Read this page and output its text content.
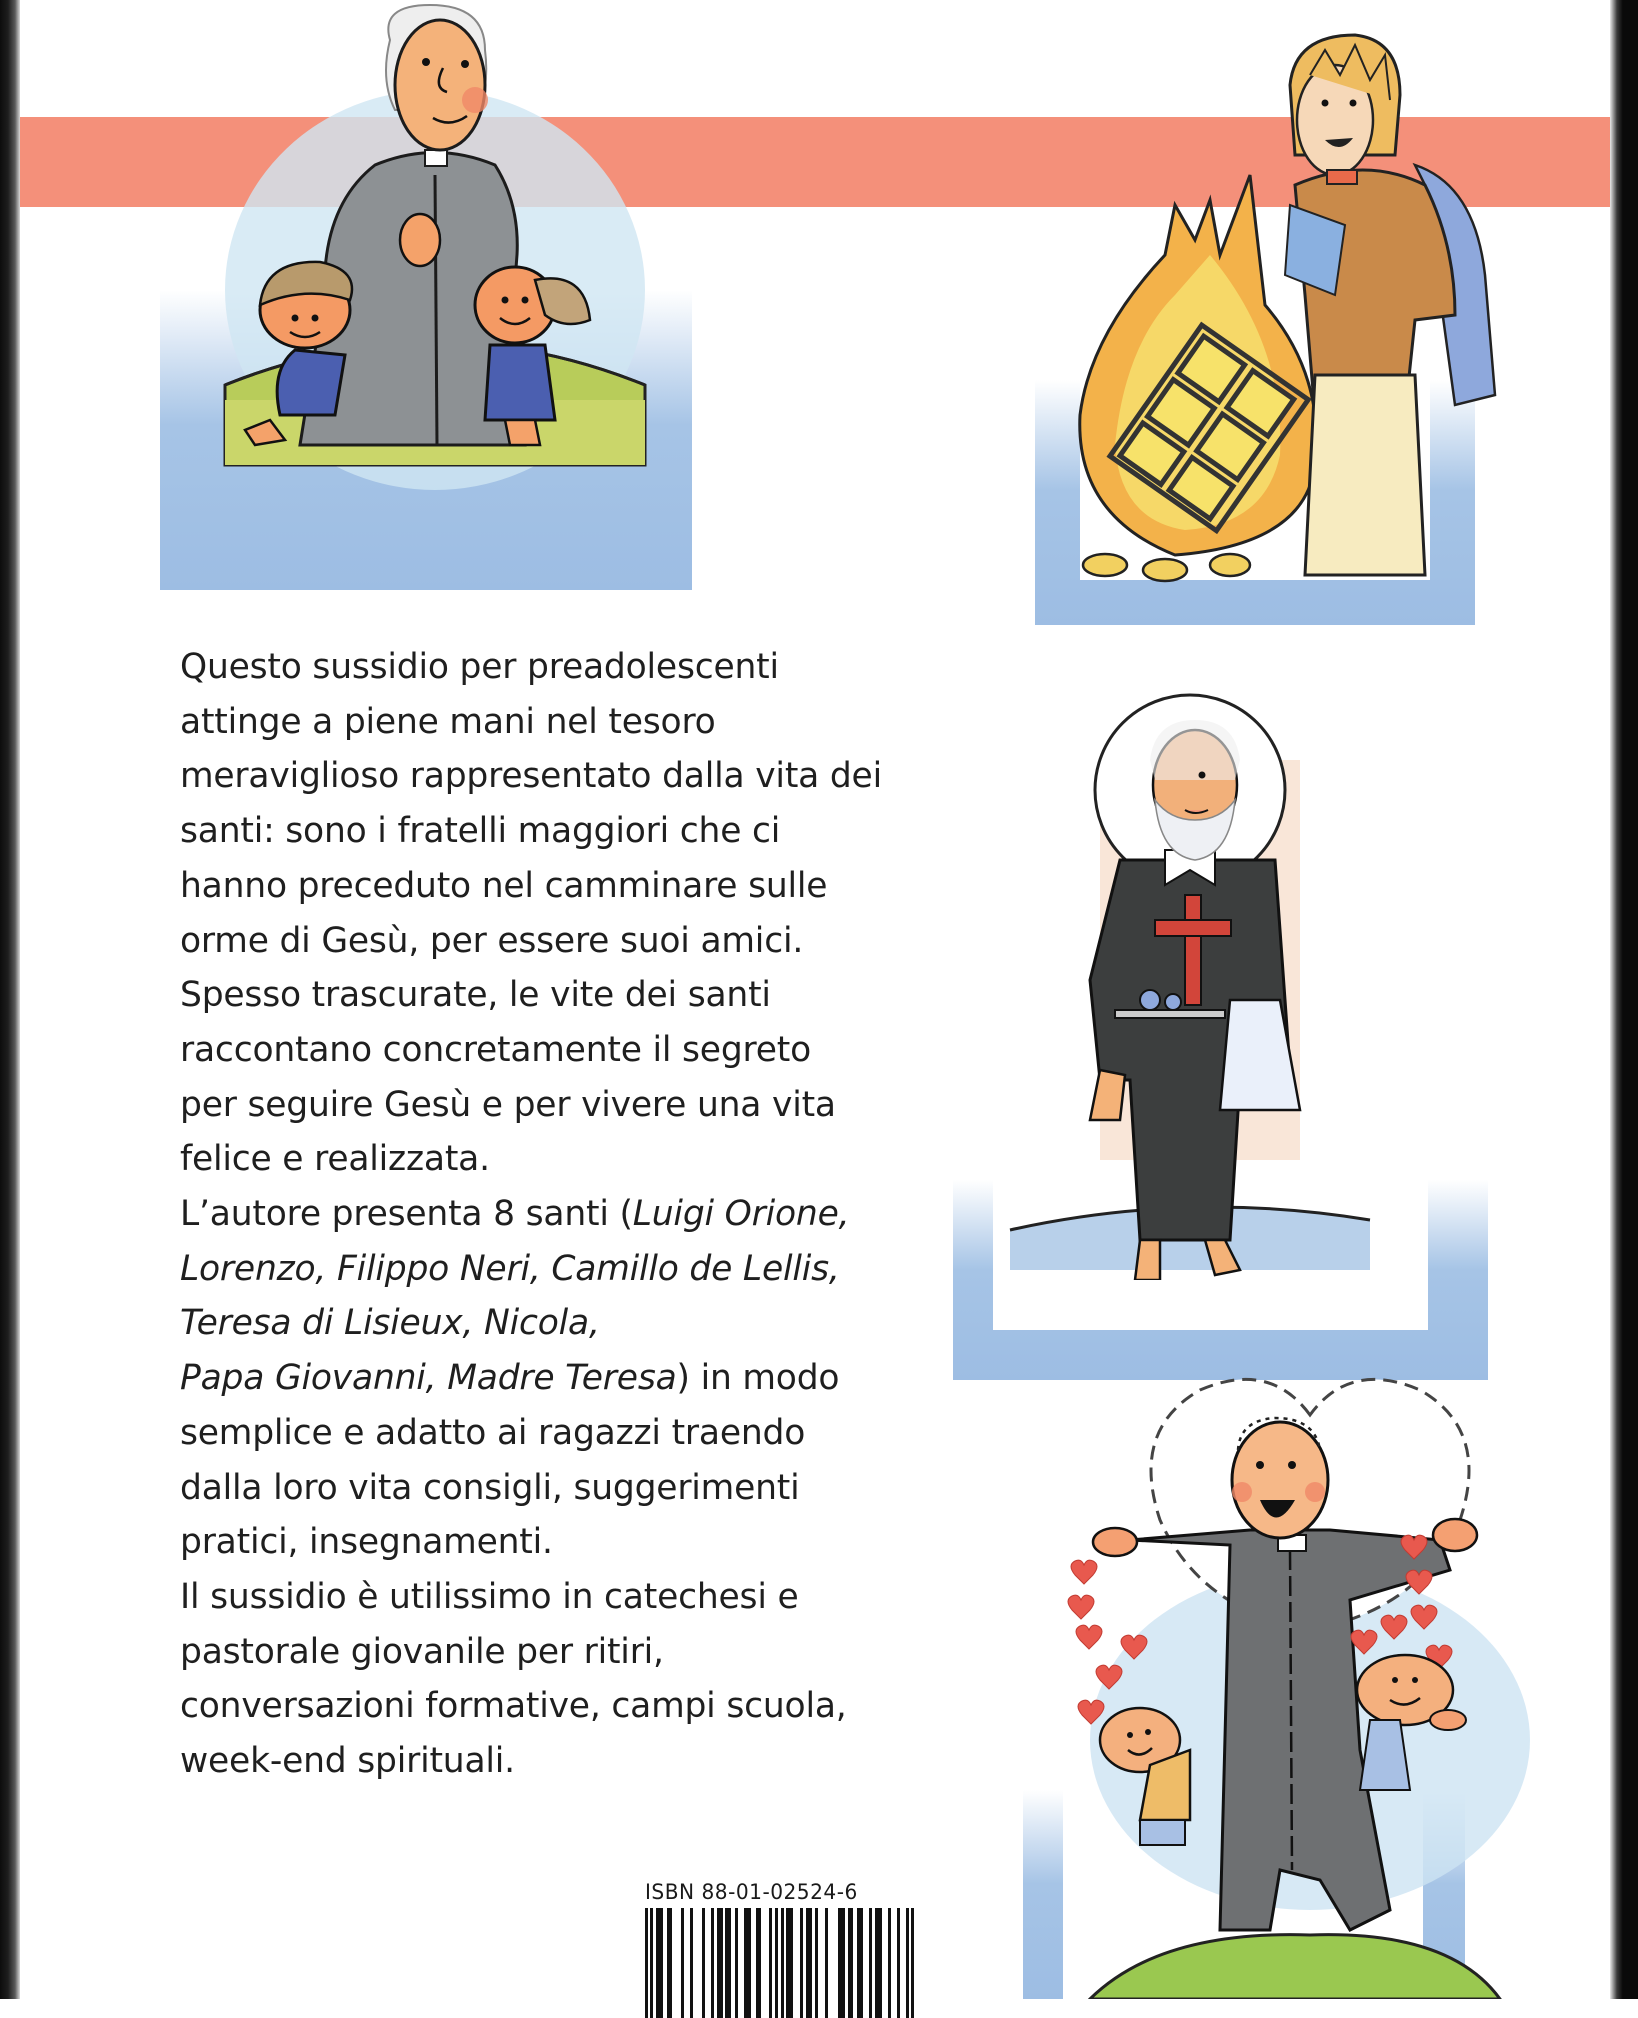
Questo sussidio per preadolescenti
attinge a piene mani nel tesoro
meraviglioso rappresentato dalla vita dei
santi: sono i fratelli maggiori che ci
hanno preceduto nel camminare sulle
orme di Gesù, per essere suoi amici.
Spesso trascurate, le vite dei santi
raccontano concretamente il segreto
per seguire Gesù e per vivere una vita
felice e realizzata.
L’autore presenta 8 santi (Luigi Orione,
Lorenzo, Filippo Neri, Camillo de Lellis,
Teresa di Lisieux, Nicola,
Papa Giovanni, Madre Teresa) in modo
semplice e adatto ai ragazzi traendo
dalla loro vita consigli, suggerimenti
pratici, insegnamenti.
Il sussidio è utilissimo in catechesi e
pastorale giovanile per ritiri,
conversazioni formative, campi scuola,
week-end spirituali.
ISBN 88-01-02524-6
